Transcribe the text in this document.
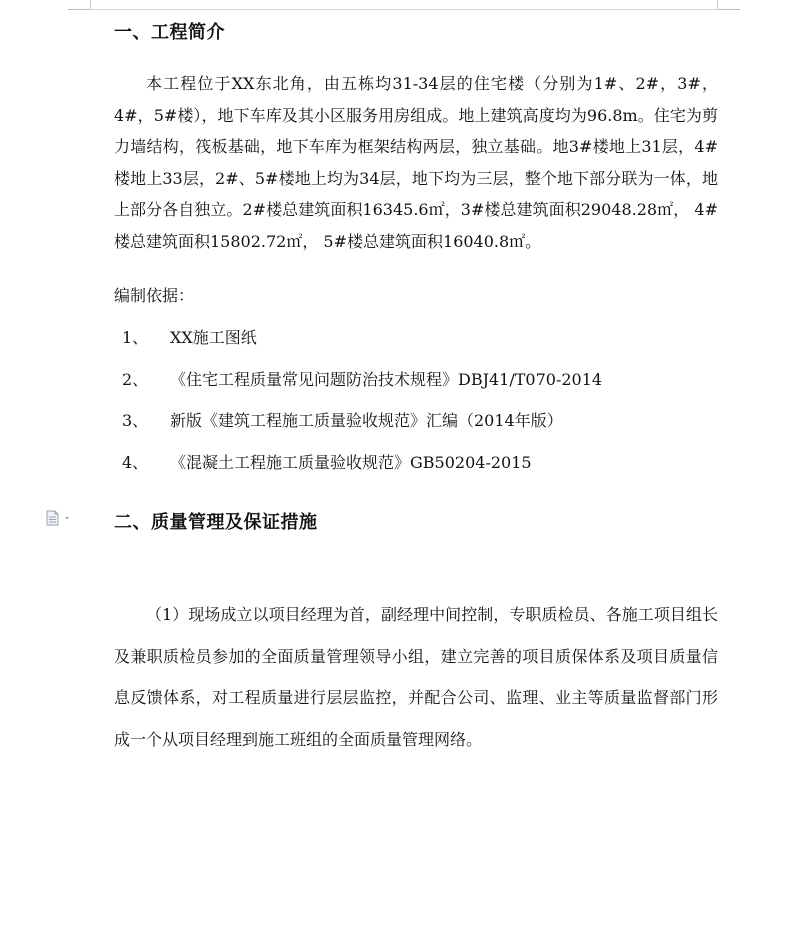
一、工程简介
本工程位于XX东北角，由五栋均31-34层的住宅楼（分别为1#、2#，3#，4#，5#楼），地下车库及其小区服务用房组成。地上建筑高度均为96.8m。住宅为剪力墙结构，筏板基础，地下车库为框架结构两层，独立基础。地3#楼地上31层，4#楼地上33层，2#、5#楼地上均为34层，地下均为三层，整个地下部分联为一体，地上部分各自独立。2#楼总建筑面积16345.6㎡，3#楼总建筑面积29048.28㎡， 4#楼总建筑面积15802.72㎡， 5#楼总建筑面积16040.8㎡。
编制依据：
1、 XX施工图纸
2、 《住宅工程质量常见问题防治技术规程》DBJ41/T070-2014
3、 新版《建筑工程施工质量验收规范》汇编（2014年版）
4、 《混凝土工程施工质量验收规范》GB50204-2015
二、质量管理及保证措施
（1）现场成立以项目经理为首，副经理中间控制，专职质检员、各施工项目组长及兼职质检员参加的全面质量管理领导小组，建立完善的项目质保体系及项目质量信息反馈体系，对工程质量进行层层监控，并配合公司、监理、业主等质量监督部门形成一个从项目经理到施工班组的全面质量管理网络。
